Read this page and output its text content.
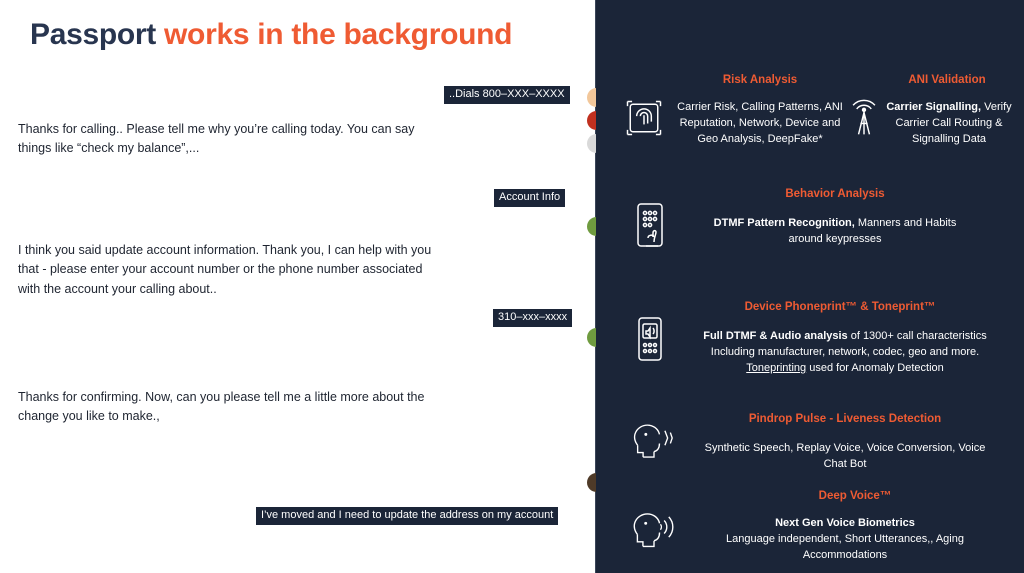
Passport works in the background
Thanks for calling.. Please tell me why you’re calling today. You can say things like “check my balance”,...
I think you said update account information. Thank you, I can help with you that - please enter your account number or the phone number associated with the account your calling about..
Thanks for confirming. Now, can you please tell me a little more about the change you like to make.,
..Dials 800–XXX–XXXX
Account Info
310–xxx–xxxx
I’ve moved and I need to update the address on my account
Risk Analysis
Carrier Risk, Calling Patterns, ANI Reputation, Network, Device and Geo Analysis, DeepFake*
ANI Validation
Carrier Signalling, Verify Carrier Call Routing & Signalling Data
Behavior Analysis
DTMF Pattern Recognition, Manners and Habits around keypresses
Device Phoneprint™ & Toneprint™
Full DTMF & Audio analysis of 1300+ call characteristics Including manufacturer, network, codec, geo and more. Toneprinting used for Anomaly Detection
Pindrop Pulse - Liveness Detection
Synthetic Speech, Replay Voice, Voice Conversion, Voice Chat Bot
Deep Voice™
Next Gen Voice Biometrics
Language independent, Short Utterances,, Aging Accommodations
